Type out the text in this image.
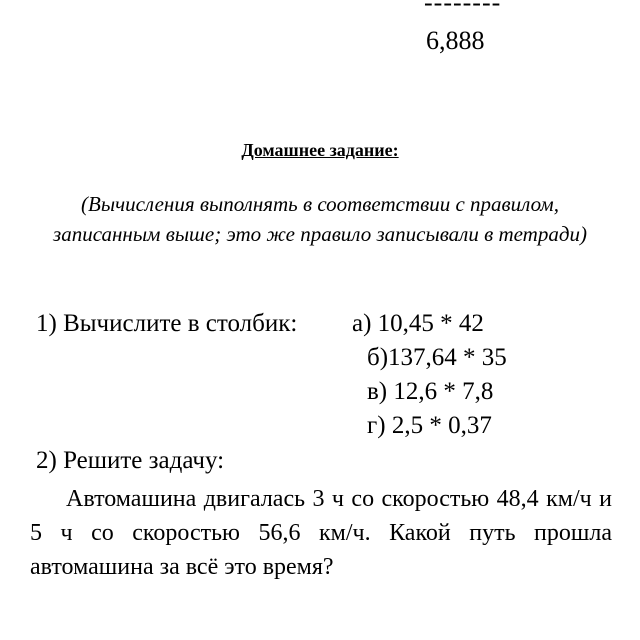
--------
6,888
Домашнее задание:
(Вычисления выполнять в соответствии с правилом, записанным выше; это же правило записывали в тетради)
1) Вычислите в столбик: а) 10,45 * 42
б)137,64 * 35
в) 12,6 * 7,8
г) 2,5 * 0,37
2) Решите задачу:
Автомашина двигалась 3 ч со скоростью 48,4 км/ч и 5 ч со скоростью 56,6 км/ч. Какой путь прошла автомашина за всё это время?
